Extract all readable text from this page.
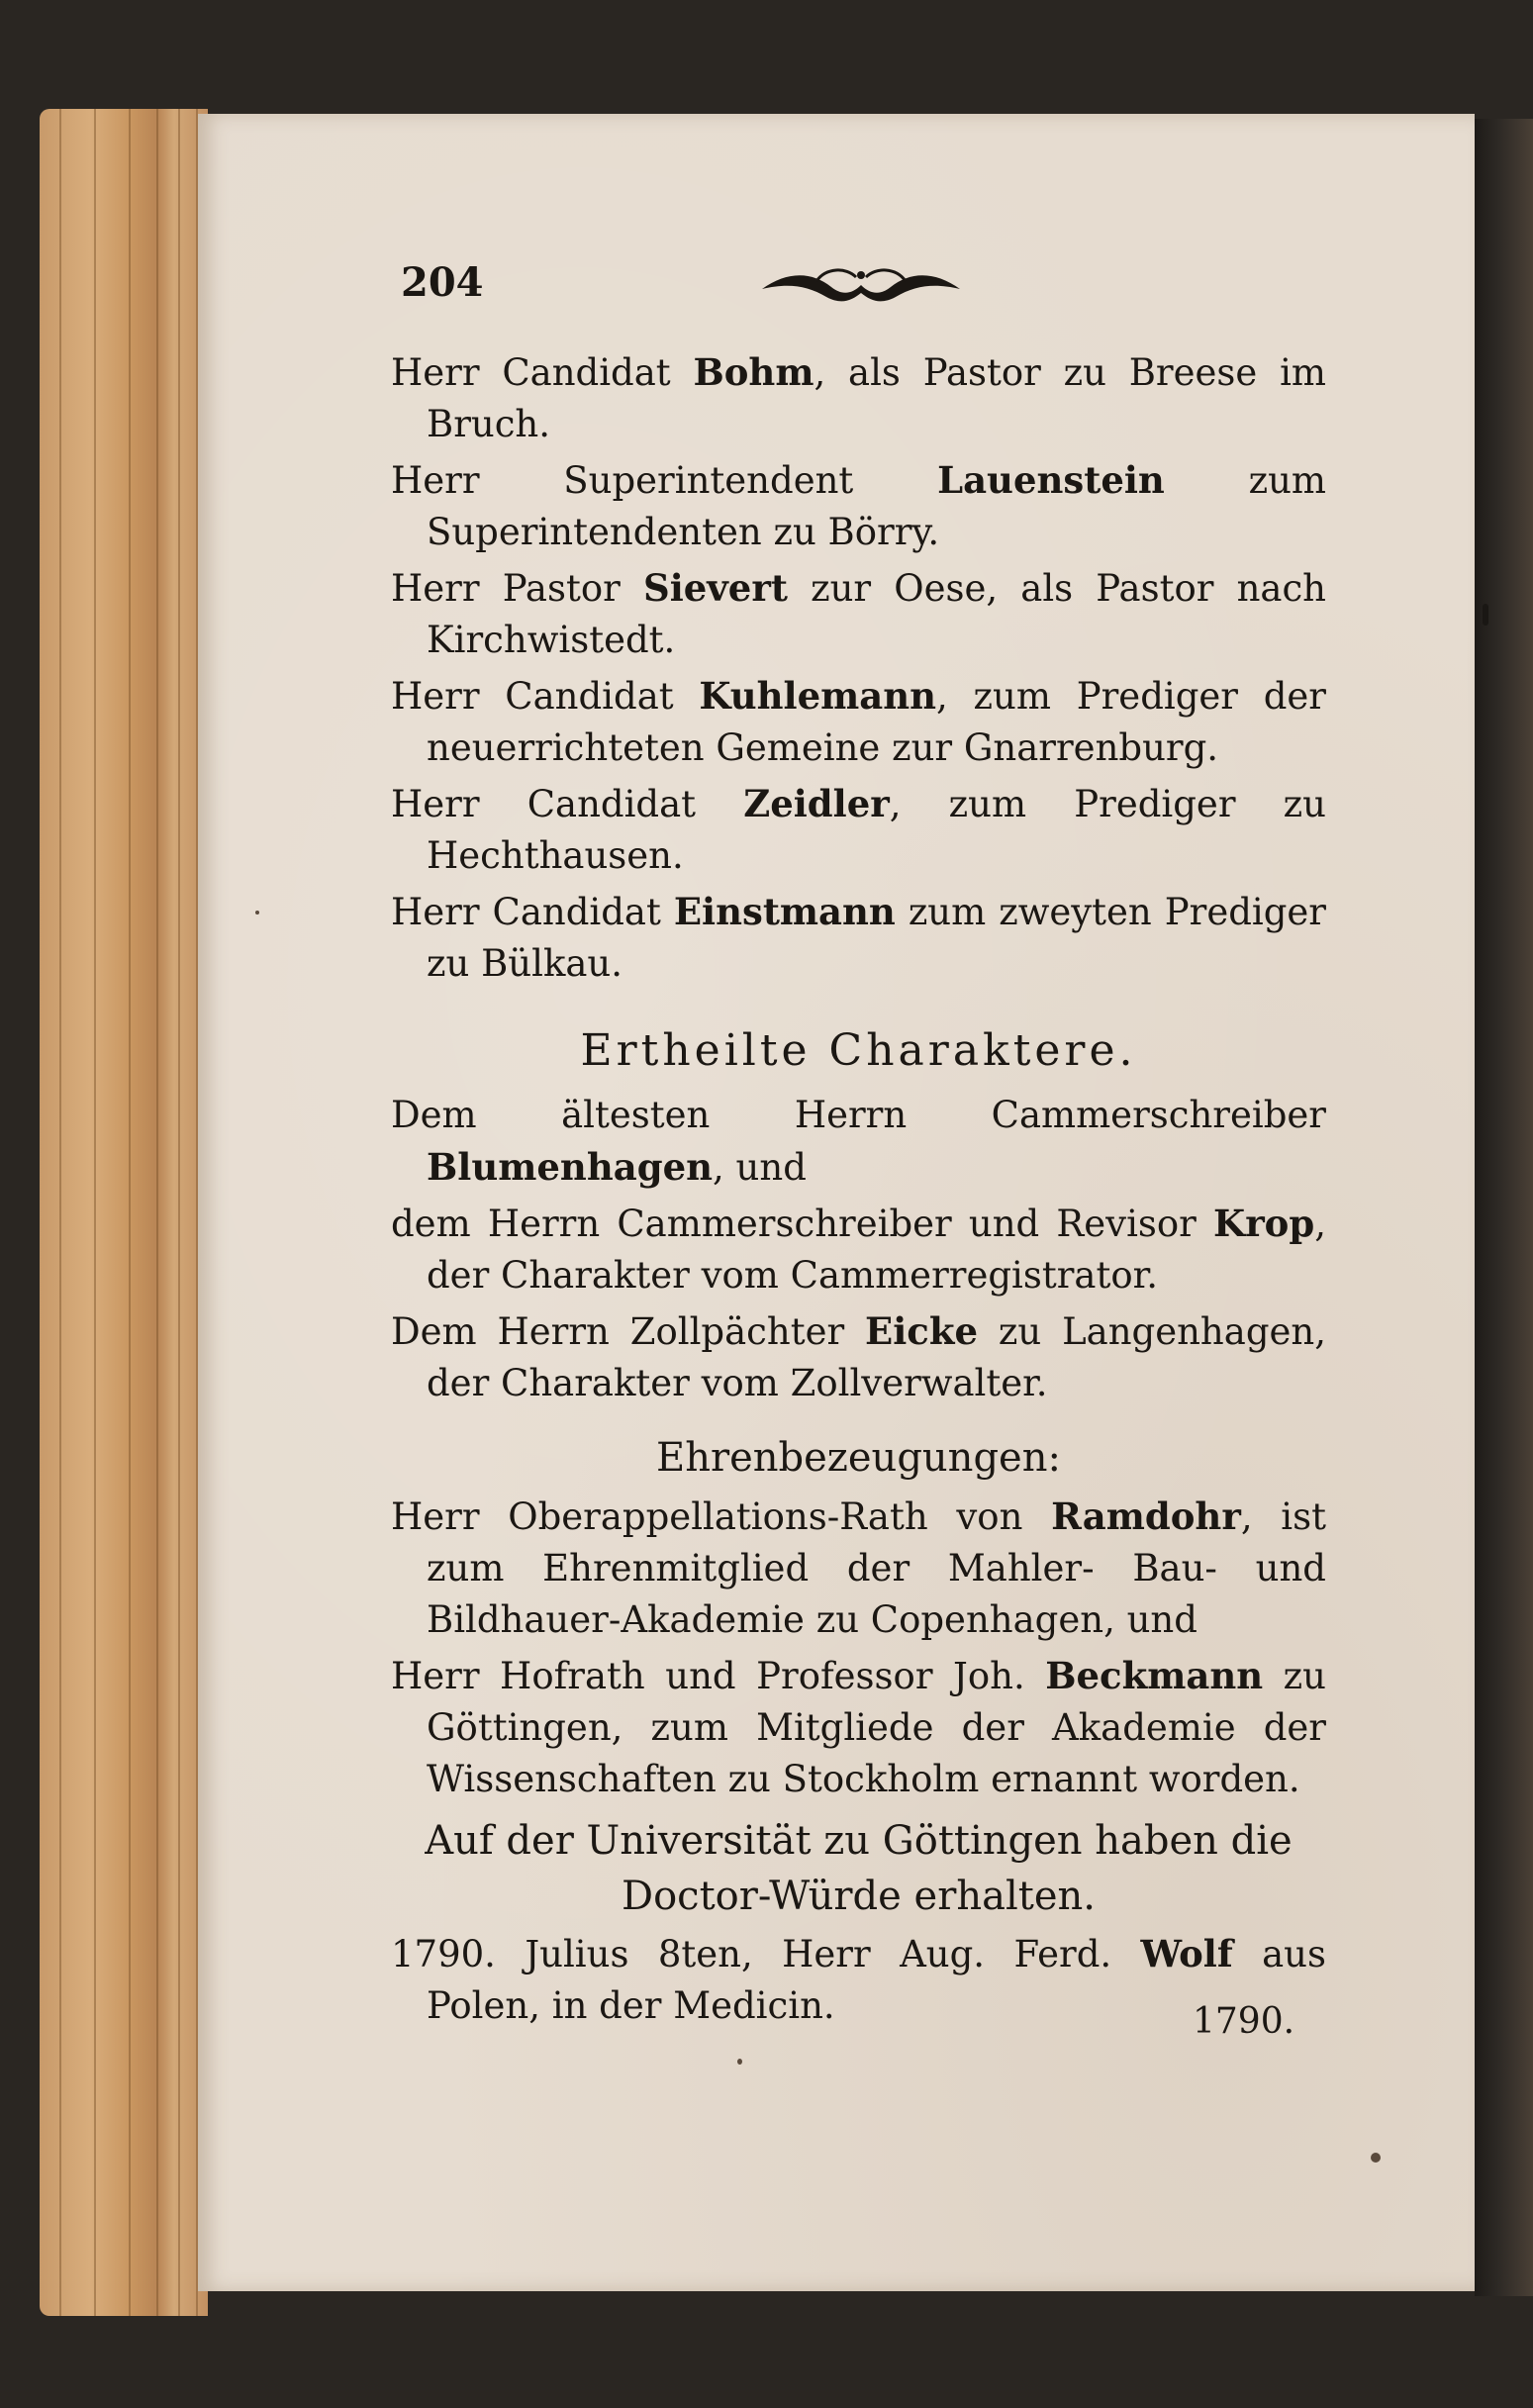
204

Herr Candidat Bohm, als Pastor zu Breese im Bruch.

Herr Superintendent Lauenstein zum Superintendenten zu Börry.

Herr Pastor Sievert zur Oese, als Pastor nach Kirchwistedt.

Herr Candidat Kuhlemann, zum Prediger der neuerrichteten Gemeine zur Gnarrenburg.

Herr Candidat Zeidler, zum Prediger zu Hechthausen.

Herr Candidat Einstmann zum zweyten Prediger zu Bülkau.

Ertheilte Charaktere.

Dem ältesten Herrn Cammerschreiber Blumenhagen, und

dem Herrn Cammerschreiber und Revisor Krop, der Charakter vom Cammerregistrator.

Dem Herrn Zollpächter Eicke zu Langenhagen, der Charakter vom Zollverwalter.

Ehrenbezeugungen:

Herr Oberappellations-Rath von Ramdohr, ist zum Ehrenmitglied der Mahler- Bau- und Bildhauer-Akademie zu Copenhagen, und

Herr Hofrath und Professor Joh. Beckmann zu Göttingen, zum Mitgliede der Akademie der Wissenschaften zu Stockholm ernannt worden.

Auf der Universität zu Göttingen haben die Doctor-Würde erhalten.

1790. Julius 8ten, Herr Aug. Ferd. Wolf aus Polen, in der Medicin.	1790.
